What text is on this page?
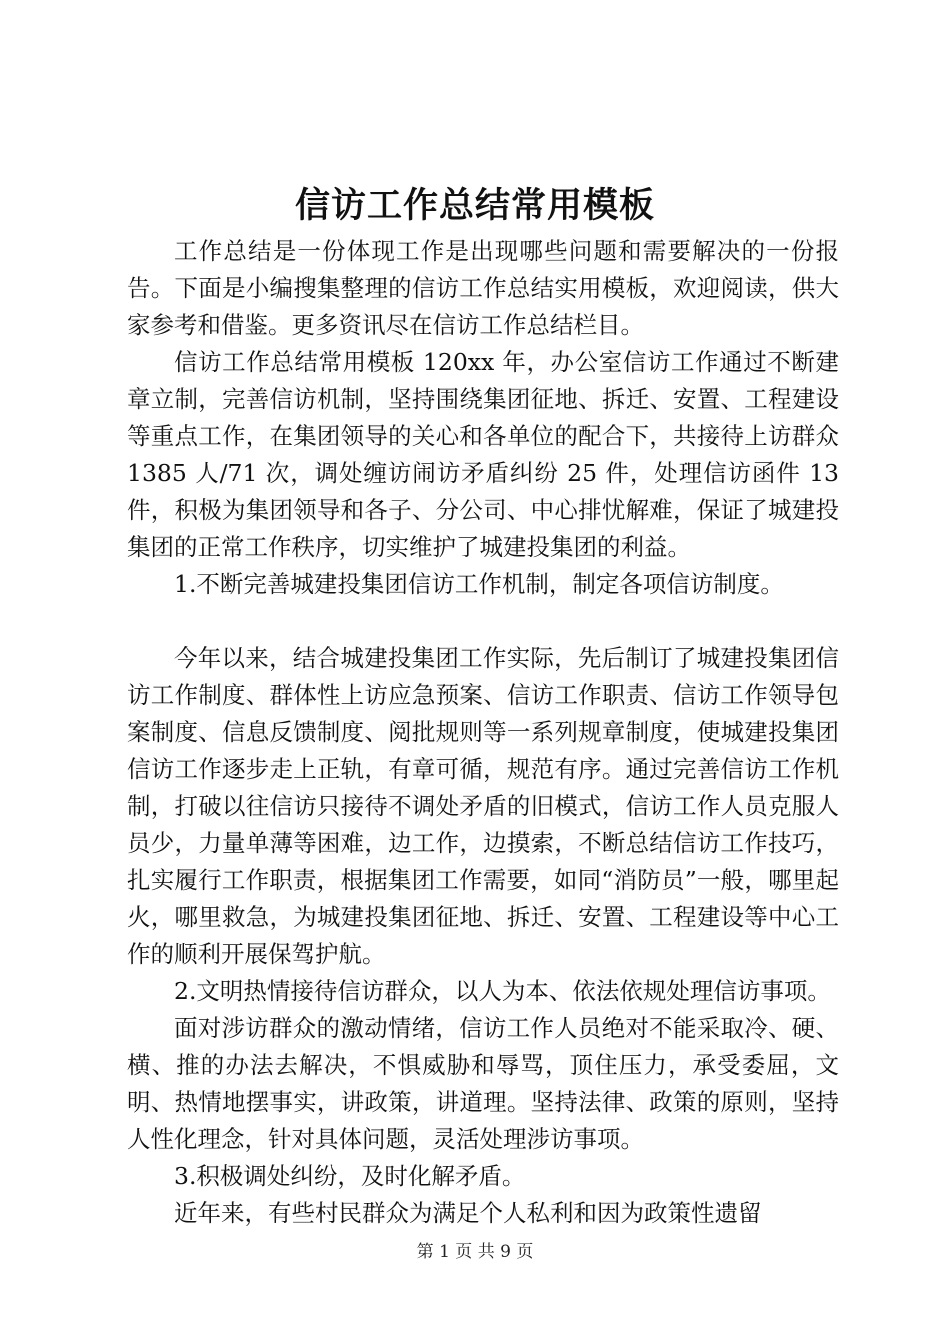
信访工作总结常用模板

工作总结是一份体现工作是出现哪些问题和需要解决的一份报告。下面是小编搜集整理的信访工作总结实用模板，欢迎阅读，供大家参考和借鉴。更多资讯尽在信访工作总结栏目。

信访工作总结常用模板 120xx 年，办公室信访工作通过不断建章立制，完善信访机制，坚持围绕集团征地、拆迁、安置、工程建设等重点工作，在集团领导的关心和各单位的配合下，共接待上访群众 1385 人/71 次，调处缠访闹访矛盾纠纷 25 件，处理信访函件 13 件，积极为集团领导和各子、分公司、中心排忧解难，保证了城建投集团的正常工作秩序，切实维护了城建投集团的利益。

1.不断完善城建投集团信访工作机制，制定各项信访制度。

今年以来，结合城建投集团工作实际，先后制订了城建投集团信访工作制度、群体性上访应急预案、信访工作职责、信访工作领导包案制度、信息反馈制度、阅批规则等一系列规章制度，使城建投集团信访工作逐步走上正轨，有章可循，规范有序。通过完善信访工作机制，打破以往信访只接待不调处矛盾的旧模式，信访工作人员克服人员少，力量单薄等困难，边工作，边摸索，不断总结信访工作技巧，扎实履行工作职责，根据集团工作需要，如同“消防员”一般，哪里起火，哪里救急，为城建投集团征地、拆迁、安置、工程建设等中心工作的顺利开展保驾护航。

2.文明热情接待信访群众，以人为本、依法依规处理信访事项。

面对涉访群众的激动情绪，信访工作人员绝对不能采取冷、硬、横、推的办法去解决，不惧威胁和辱骂，顶住压力，承受委屈，文明、热情地摆事实，讲政策，讲道理。坚持法律、政策的原则，坚持人性化理念，针对具体问题，灵活处理涉访事项。

3.积极调处纠纷，及时化解矛盾。

近年来，有些村民群众为满足个人私利和因为政策性遗留

第 1 页 共 9 页
